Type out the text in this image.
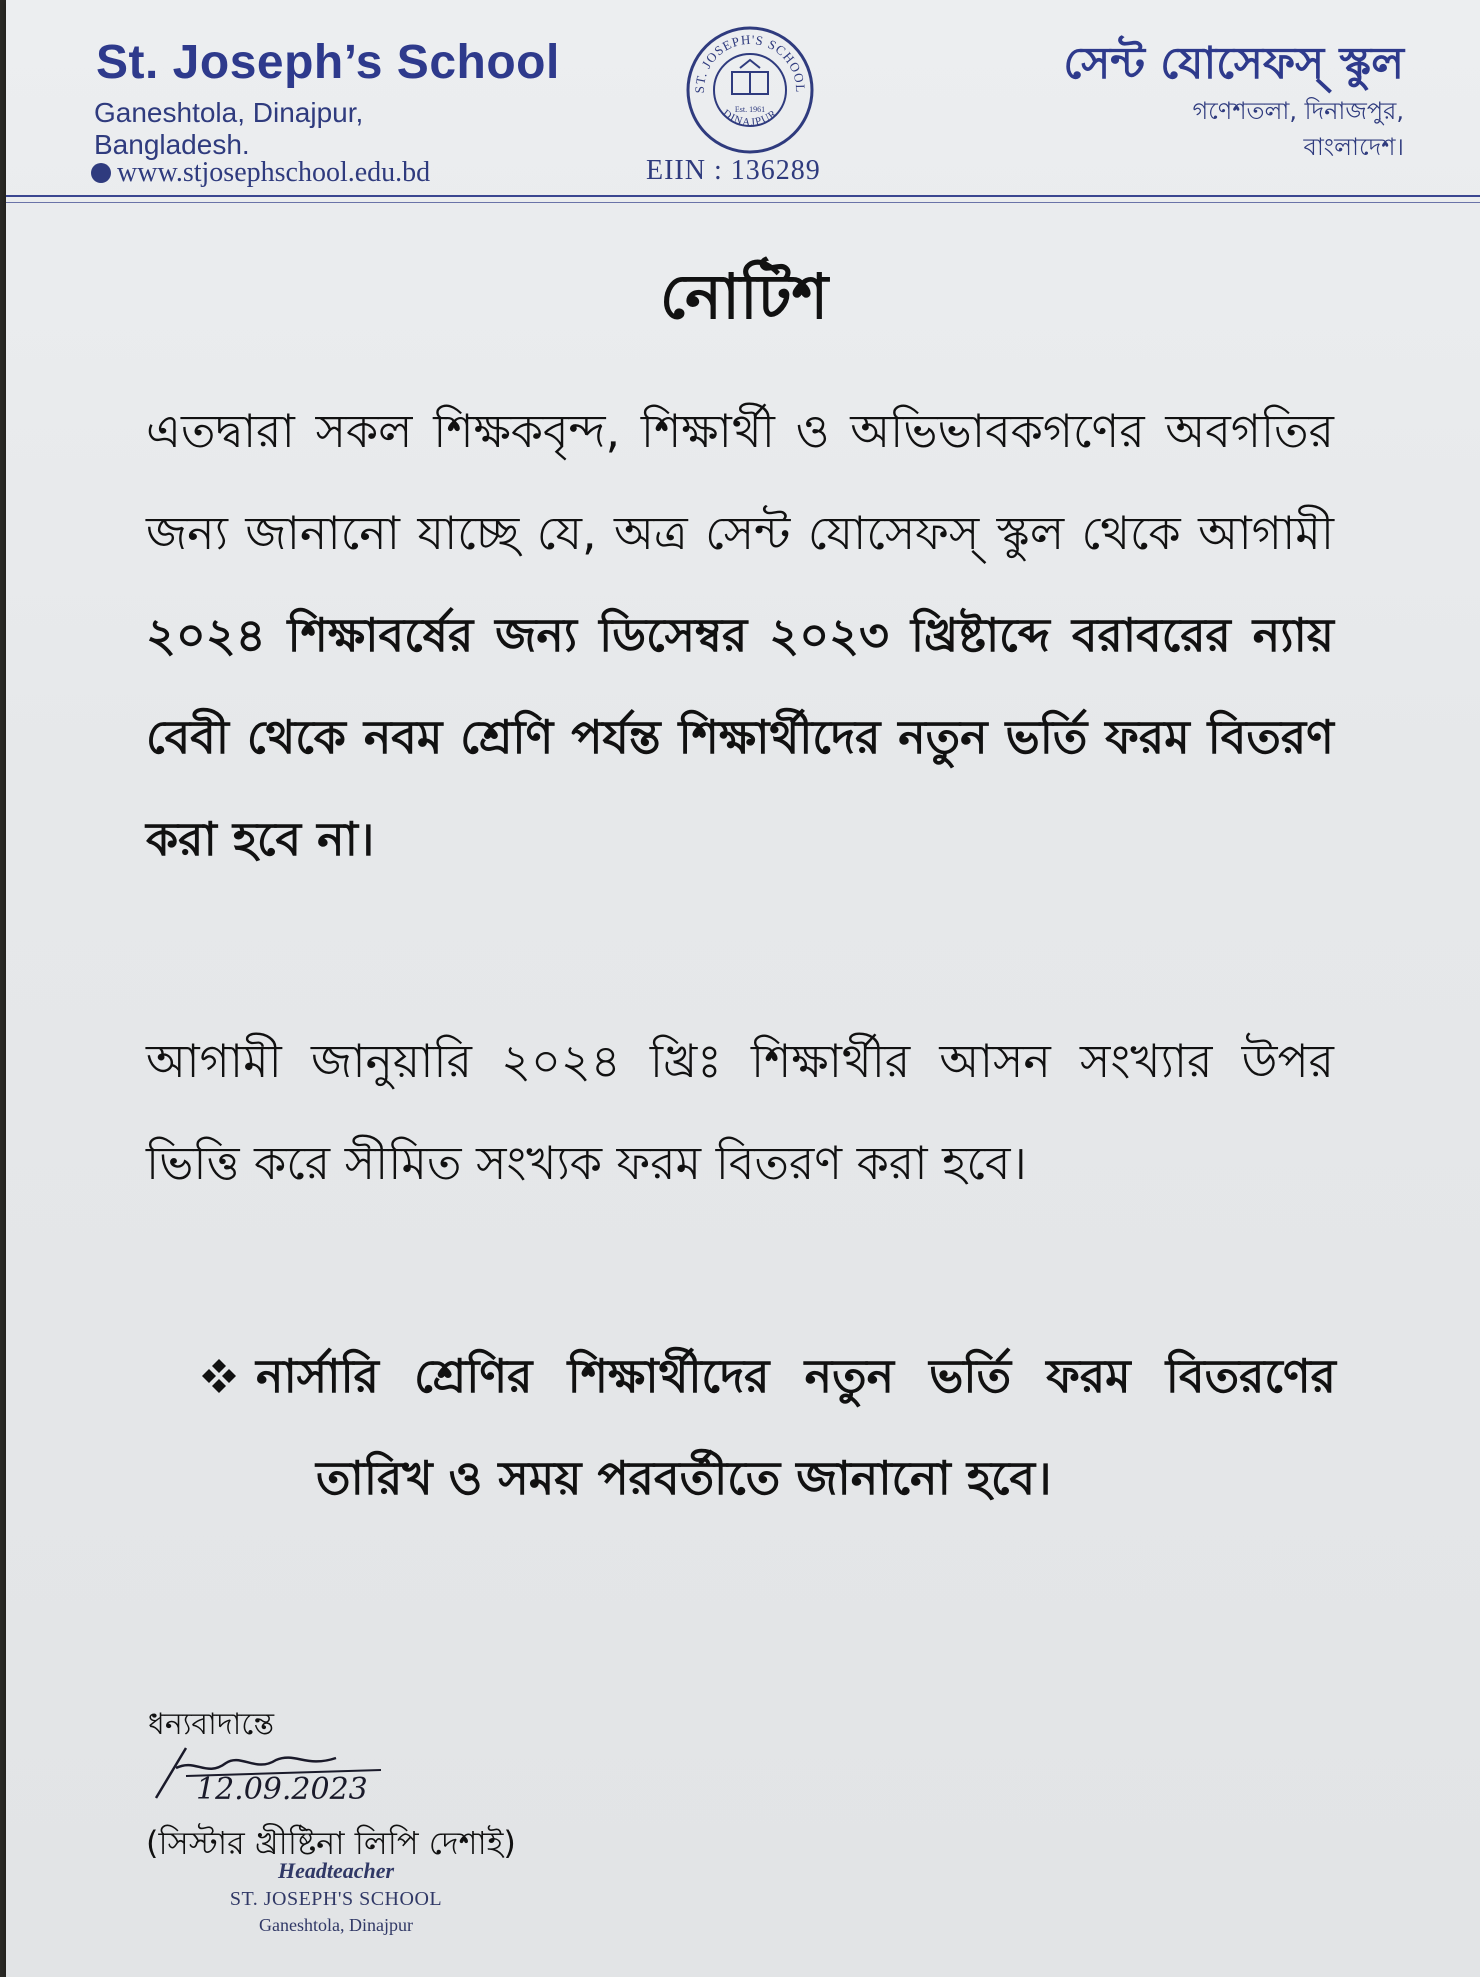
St. Joseph’s School
Ganeshtola, Dinajpur,
Bangladesh.
www.stjosephschool.edu.bd
ST. JOSEPH'S SCHOOL
DINAJPUR
Est. 1961
EIIN : 136289
সেন্ট যোসেফস্ স্কুল
গণেশতলা, দিনাজপুর,
বাংলাদেশ।
নোটিশ
এতদ্বারা সকল শিক্ষকবৃন্দ, শিক্ষার্থী ও অভিভাবকগণের অবগতির জন্য জানানো যাচ্ছে যে, অত্র সেন্ট যোসেফস্ স্কুল থেকে আগামী ২০২৪ শিক্ষাবর্ষের জন্য ডিসেম্বর ২০২৩ খ্রিষ্টাব্দে বরাবরের ন্যায় বেবী থেকে নবম শ্রেণি পর্যন্ত শিক্ষার্থীদের নতুন ভর্তি ফরম বিতরণ করা হবে না।
আগামী জানুয়ারি ২০২৪ খ্রিঃ শিক্ষার্থীর আসন সংখ্যার উপর ভিত্তি করে সীমিত সংখ্যক ফরম বিতরণ করা হবে।
নার্সারি শ্রেণির শিক্ষার্থীদের নতুন ভর্তি ফরম বিতরণের তারিখ ও সময় পরবর্তীতে জানানো হবে।
ধন্যবাদান্তে
12.09.2023
(সিস্টার খ্রীষ্টিনা লিপি দেশাই)
Headteacher
ST. JOSEPH'S SCHOOL
Ganeshtola, Dinajpur
